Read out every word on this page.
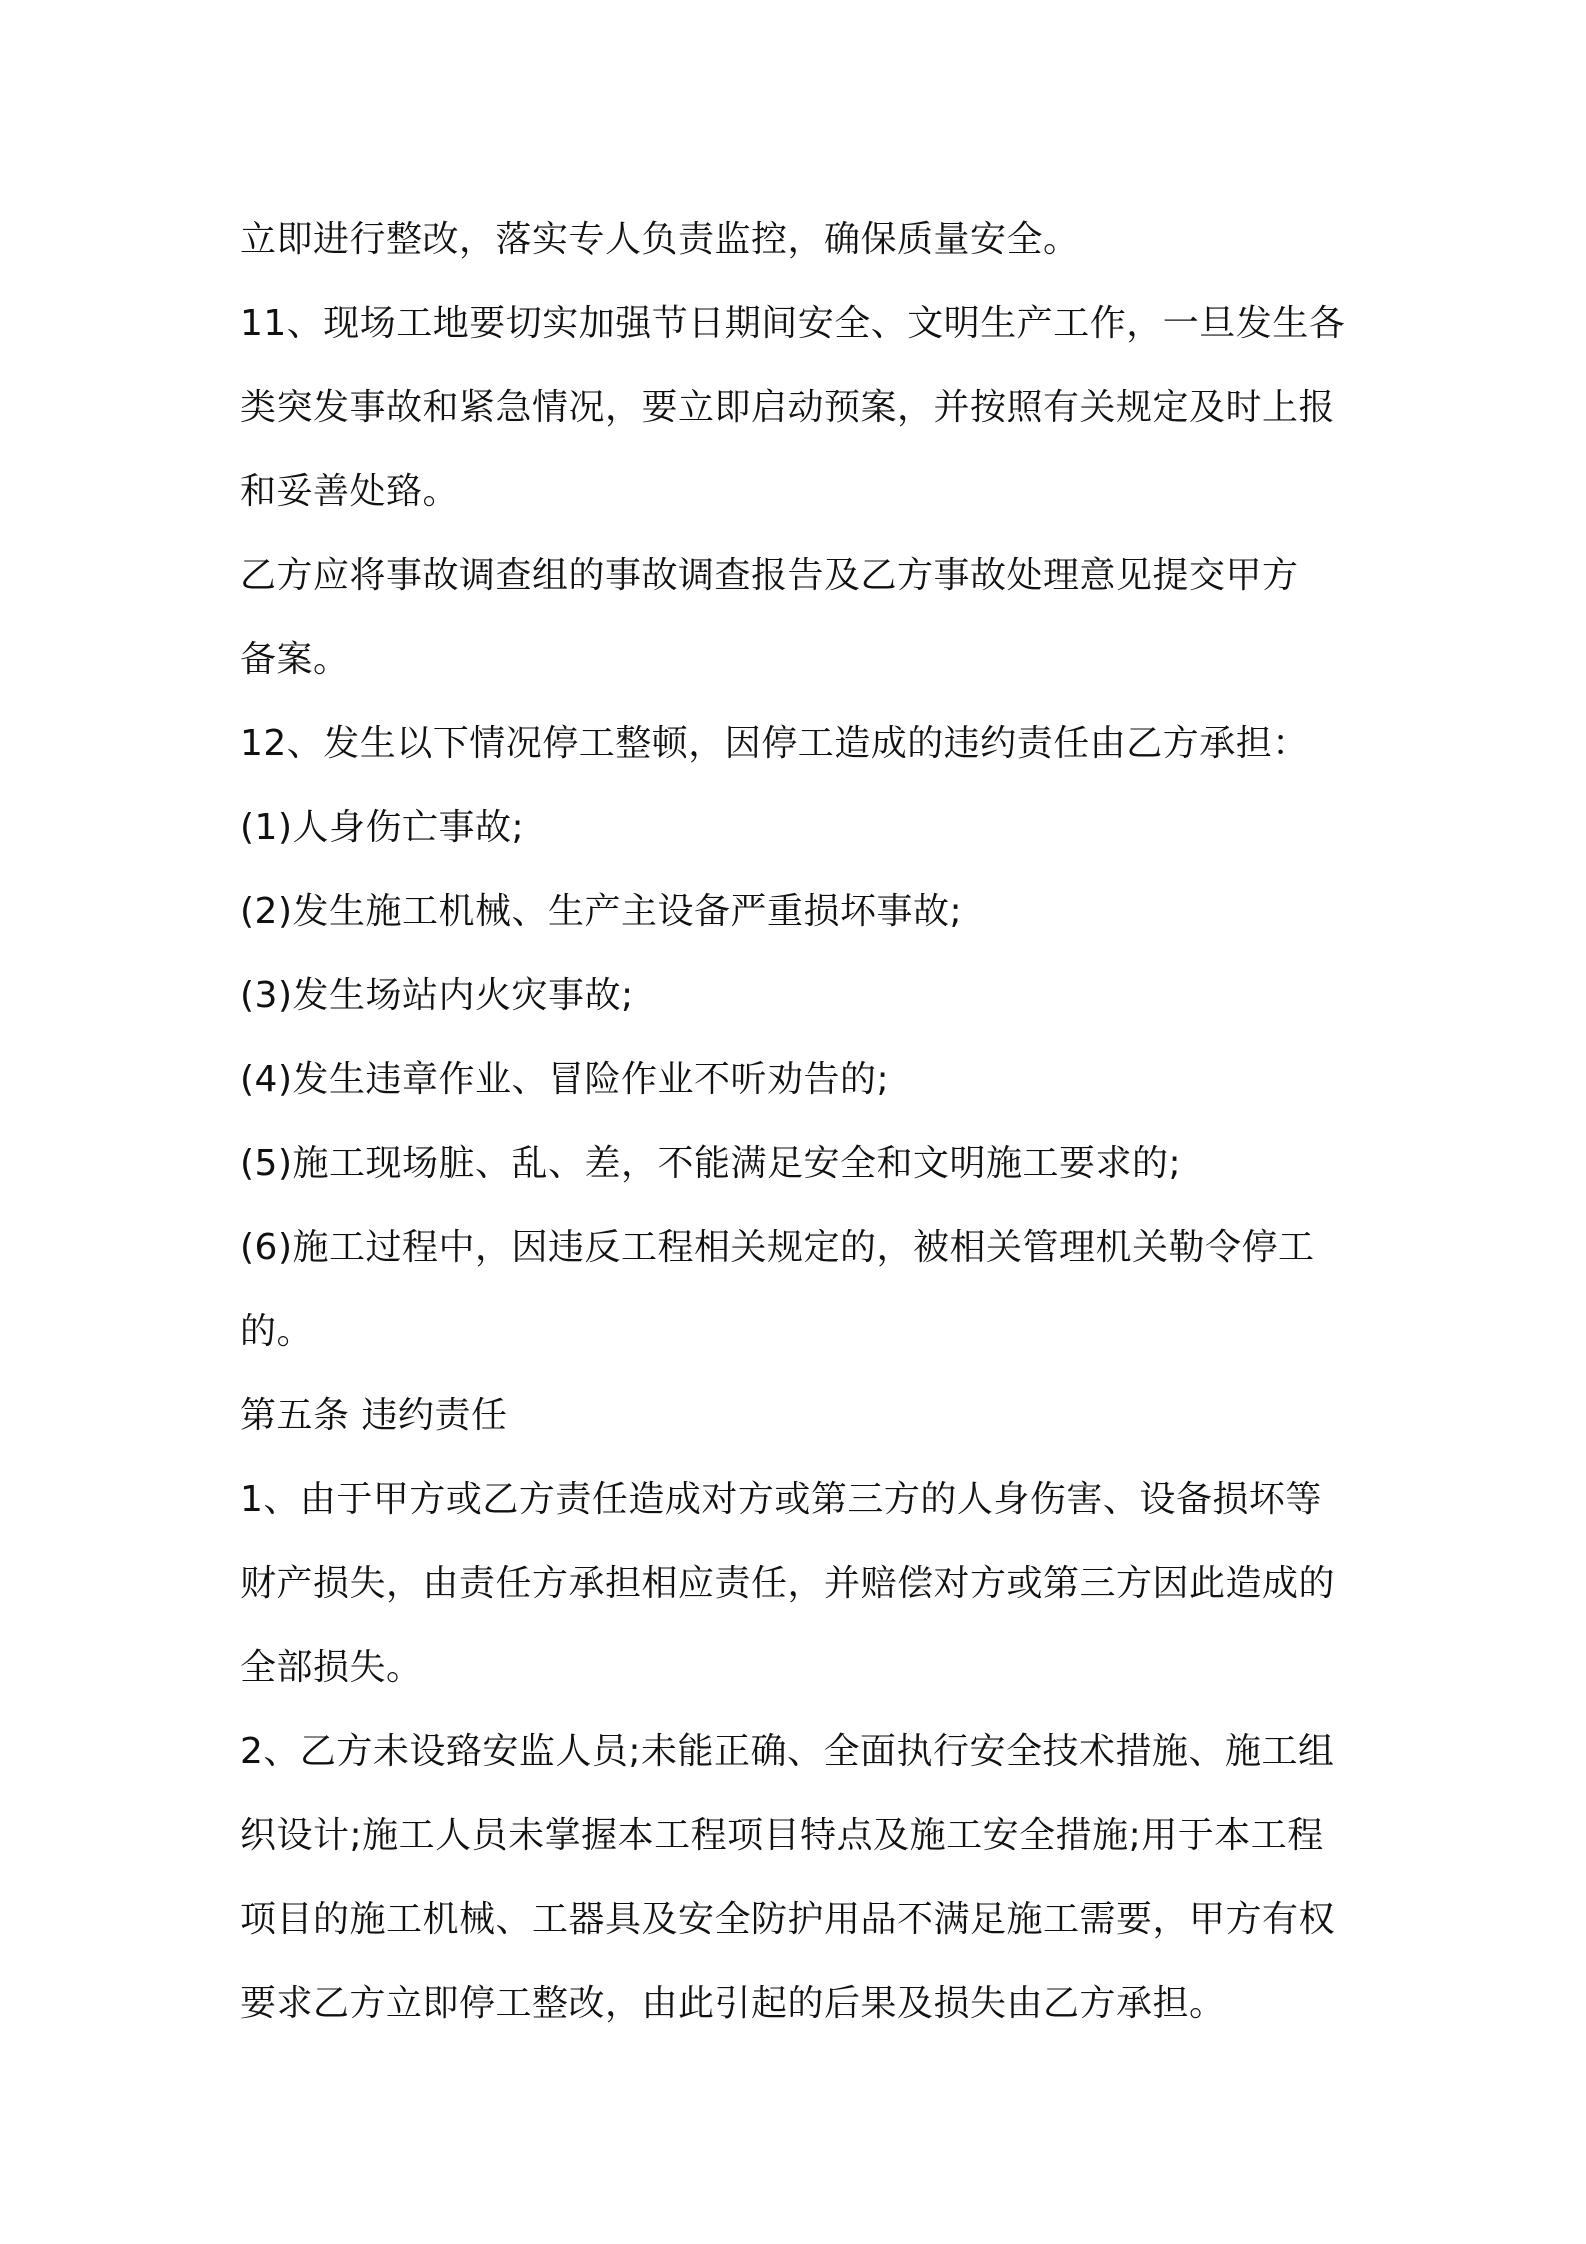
立即进行整改，落实专人负责监控，确保质量安全。
11、现场工地要切实加强节日期间安全、文明生产工作，一旦发生各
类突发事故和紧急情况，要立即启动预案，并按照有关规定及时上报
和妥善处臵。
乙方应将事故调查组的事故调查报告及乙方事故处理意见提交甲方
备案。
12、发生以下情况停工整顿，因停工造成的违约责任由乙方承担：
(1)人身伤亡事故;
(2)发生施工机械、生产主设备严重损坏事故;
(3)发生场站内火灾事故;
(4)发生违章作业、冒险作业不听劝告的;
(5)施工现场脏、乱、差，不能满足安全和文明施工要求的;
(6)施工过程中，因违反工程相关规定的，被相关管理机关勒令停工
的。
第五条 违约责任
1、由于甲方或乙方责任造成对方或第三方的人身伤害、设备损坏等
财产损失，由责任方承担相应责任，并赔偿对方或第三方因此造成的
全部损失。
2、乙方未设臵安监人员;未能正确、全面执行安全技术措施、施工组
织设计;施工人员未掌握本工程项目特点及施工安全措施;用于本工程
项目的施工机械、工器具及安全防护用品不满足施工需要，甲方有权
要求乙方立即停工整改，由此引起的后果及损失由乙方承担。
